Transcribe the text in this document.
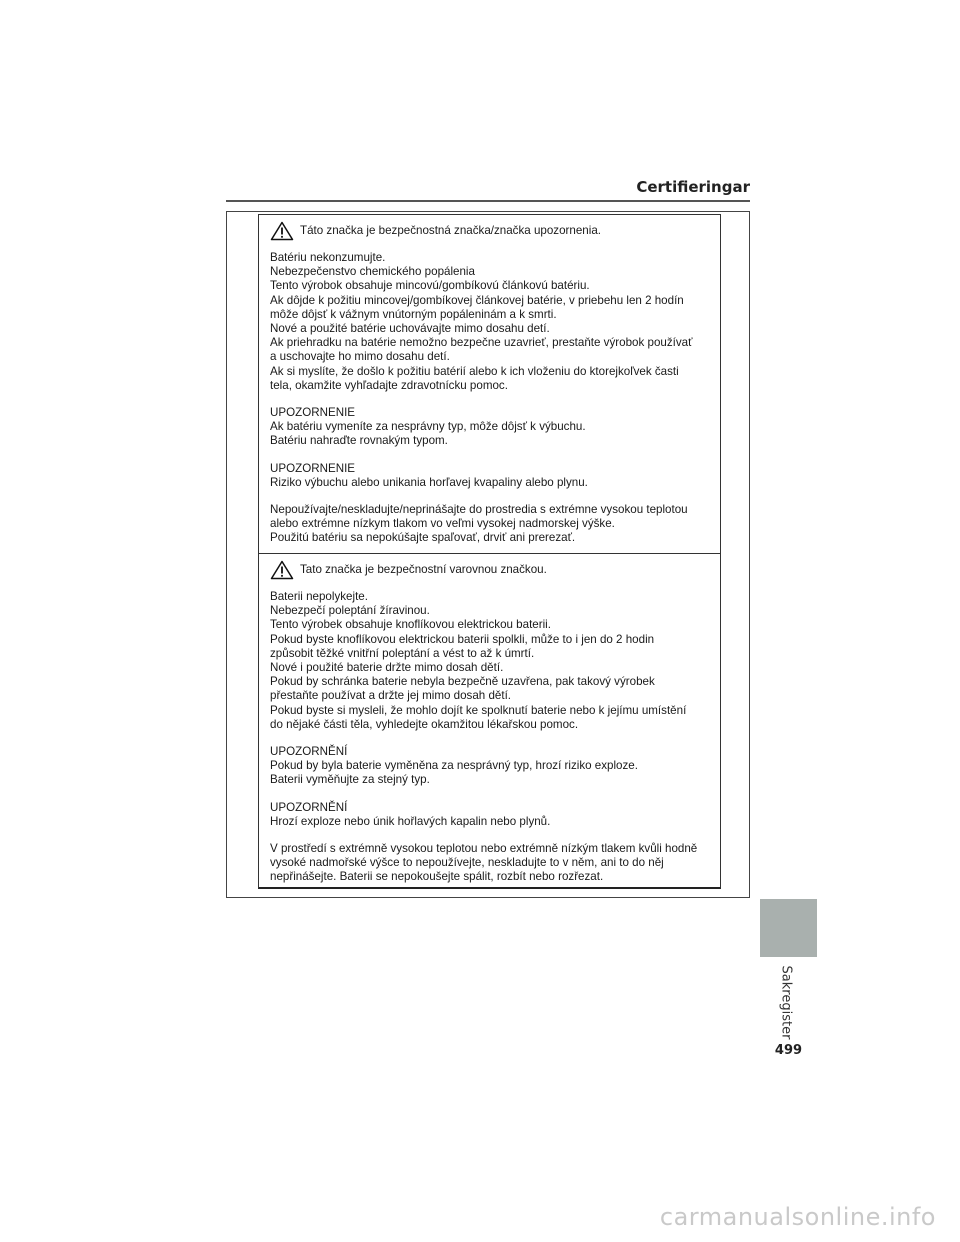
Certifieringar
Táto značka je bezpečnostná značka/značka upozornenia.
Batériu nekonzumujte.
Nebezpečenstvo chemického popálenia
Tento výrobok obsahuje mincovú/gombíkovú článkovú batériu.
Ak dôjde k požitiu mincovej/gombíkovej článkovej batérie, v priebehu len 2 hodín
môže dôjsť k vážnym vnútorným popáleninám a k smrti.
Nové a použité batérie uchovávajte mimo dosahu detí.
Ak priehradku na batérie nemožno bezpečne uzavrieť, prestaňte výrobok používať
a uschovajte ho mimo dosahu detí.
Ak si myslíte, že došlo k požitiu batérií alebo k ich vloženiu do ktorejkoľvek časti
tela, okamžite vyhľadajte zdravotnícku pomoc.
UPOZORNENIE
Ak batériu vymeníte za nesprávny typ, môže dôjsť k výbuchu.
Batériu nahraďte rovnakým typom.
UPOZORNENIE
Riziko výbuchu alebo unikania horľavej kvapaliny alebo plynu.
Nepoužívajte/neskladujte/neprinášajte do prostredia s extrémne vysokou teplotou
alebo extrémne nízkym tlakom vo veľmi vysokej nadmorskej výške.
Použitú batériu sa nepokúšajte spaľovať, drviť ani prerezať.
Tato značka je bezpečnostní varovnou značkou.
Baterii nepolykejte.
Nebezpečí poleptání žíravinou.
Tento výrobek obsahuje knoflíkovou elektrickou baterii.
Pokud byste knoflíkovou elektrickou baterii spolkli, může to i jen do 2 hodin
způsobit těžké vnitřní poleptání a vést to až k úmrtí.
Nové i použité baterie držte mimo dosah dětí.
Pokud by schránka baterie nebyla bezpečně uzavřena, pak takový výrobek
přestaňte používat a držte jej mimo dosah dětí.
Pokud byste si mysleli, že mohlo dojít ke spolknutí baterie nebo k jejímu umístění
do nějaké části těla, vyhledejte okamžitou lékařskou pomoc.
UPOZORNĚNÍ
Pokud by byla baterie vyměněna za nesprávný typ, hrozí riziko exploze.
Baterii vyměňujte za stejný typ.
UPOZORNĚNÍ
Hrozí exploze nebo únik hořlavých kapalin nebo plynů.
V prostředí s extrémně vysokou teplotou nebo extrémně nízkým tlakem kvůli hodně
vysoké nadmořské výšce to nepoužívejte, neskladujte to v něm, ani to do něj
nepřinášejte. Baterii se nepokoušejte spálit, rozbít nebo rozřezat.
Sakregister
499
carmanualsonline.info
